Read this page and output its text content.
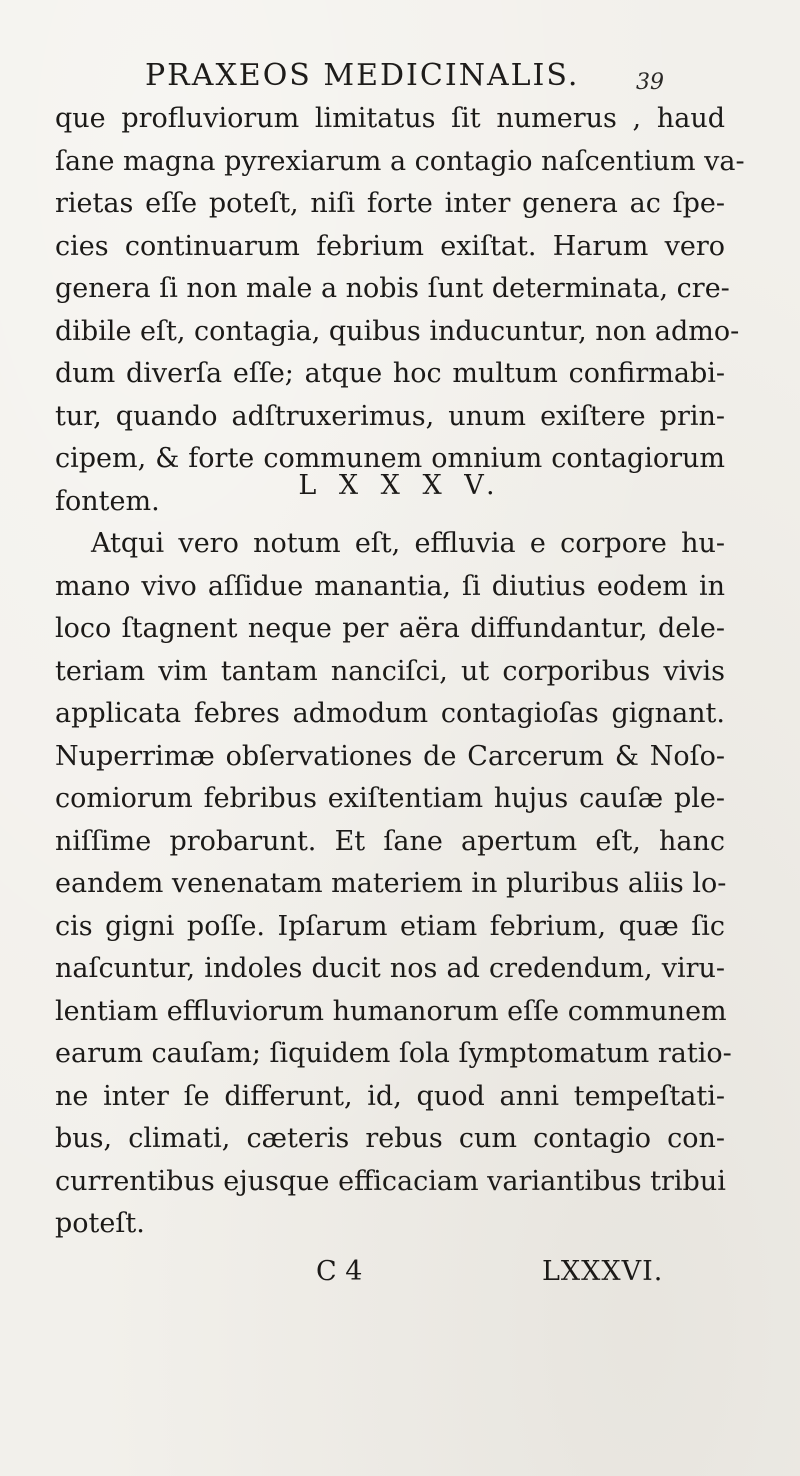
PRAXEOS MEDICINALIS.	39
que profluviorum limitatus ſit numerus , haud
ſane magna pyrexiarum a contagio naſcentium va-
rietas eſſe poteſt, niſi forte inter genera ac ſpe-
cies continuarum febrium exiſtat. Harum vero
genera ſi non male a nobis ſunt determinata, cre-
dibile eſt, contagia, quibus inducuntur, non admo-
dum diverſa eſſe; atque hoc multum confirmabi-
tur, quando adſtruxerimus, unum exiſtere prin-
cipem, & forte communem omnium contagiorum
fontem.	L X X X V.
Atqui vero notum eſt, effluvia e corpore hu-
mano vivo aſſidue manantia, ſi diutius eodem in
loco ſtagnent neque per aëra diffundantur, dele-
teriam vim tantam nanciſci, ut corporibus vivis
applicata febres admodum contagioſas gignant.
Nuperrimæ obſervationes de Carcerum & Noſo-
comiorum febribus exiſtentiam hujus cauſæ ple-
niſſime probarunt. Et ſane apertum eſt, hanc
eandem venenatam materiem in pluribus aliis lo-
cis gigni poſſe. Ipſarum etiam febrium, quæ ſic
naſcuntur, indoles ducit nos ad credendum, viru-
lentiam effluviorum humanorum eſſe communem
earum cauſam; ſiquidem ſola ſymptomatum ratio-
ne inter ſe differunt, id, quod anni tempeſtati-
bus, climati, cæteris rebus cum contagio con-
currentibus ejusque efficaciam variantibus tribui
poteſt.
C 4	LXXXVI.
